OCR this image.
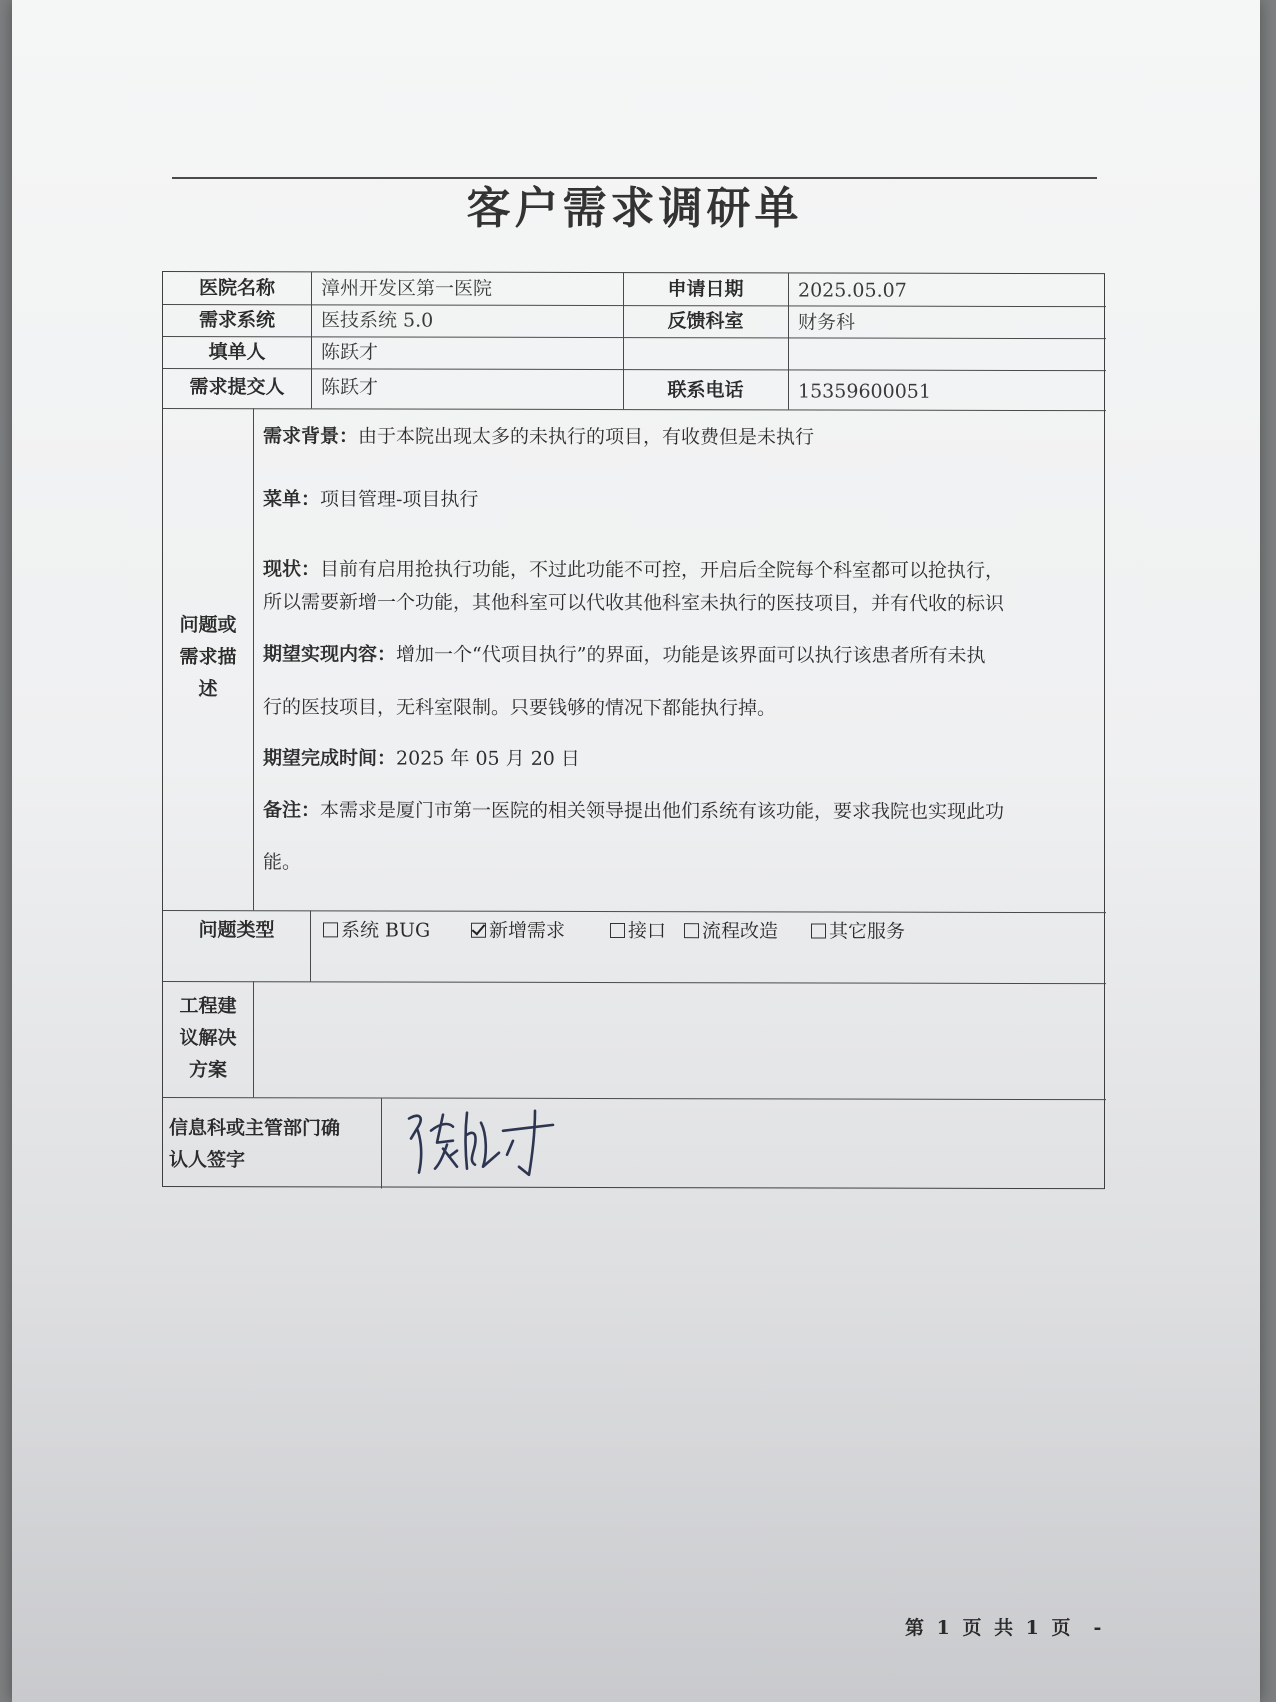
客户需求调研单
医院名称	漳州开发区第一医院	申请日期	2025.05.07
需求系统	医技系统 5.0	反馈科室	财务科
填单人	陈跃才
需求提交人	陈跃才	联系电话	15359600051
问题或
需求描
述
需求背景：由于本院出现太多的未执行的项目，有收费但是未执行
菜单：项目管理-项目执行
现状：目前有启用抢执行功能，不过此功能不可控，开启后全院每个科室都可以抢执行，
所以需要新增一个功能，其他科室可以代收其他科室未执行的医技项目，并有代收的标识
期望实现内容：增加一个“代项目执行”的界面，功能是该界面可以执行该患者所有未执
行的医技项目，无科室限制。只要钱够的情况下都能执行掉。
期望完成时间：2025 年 05 月 20 日
备注：本需求是厦门市第一医院的相关领导提出他们系统有该功能，要求我院也实现此功
能。
问题类型	系统 BUG	新增需求	接口	流程改造	其它服务
工程建
议解决
方案
信息科或主管部门确
认人签字
第 1 页 共 1 页 -
